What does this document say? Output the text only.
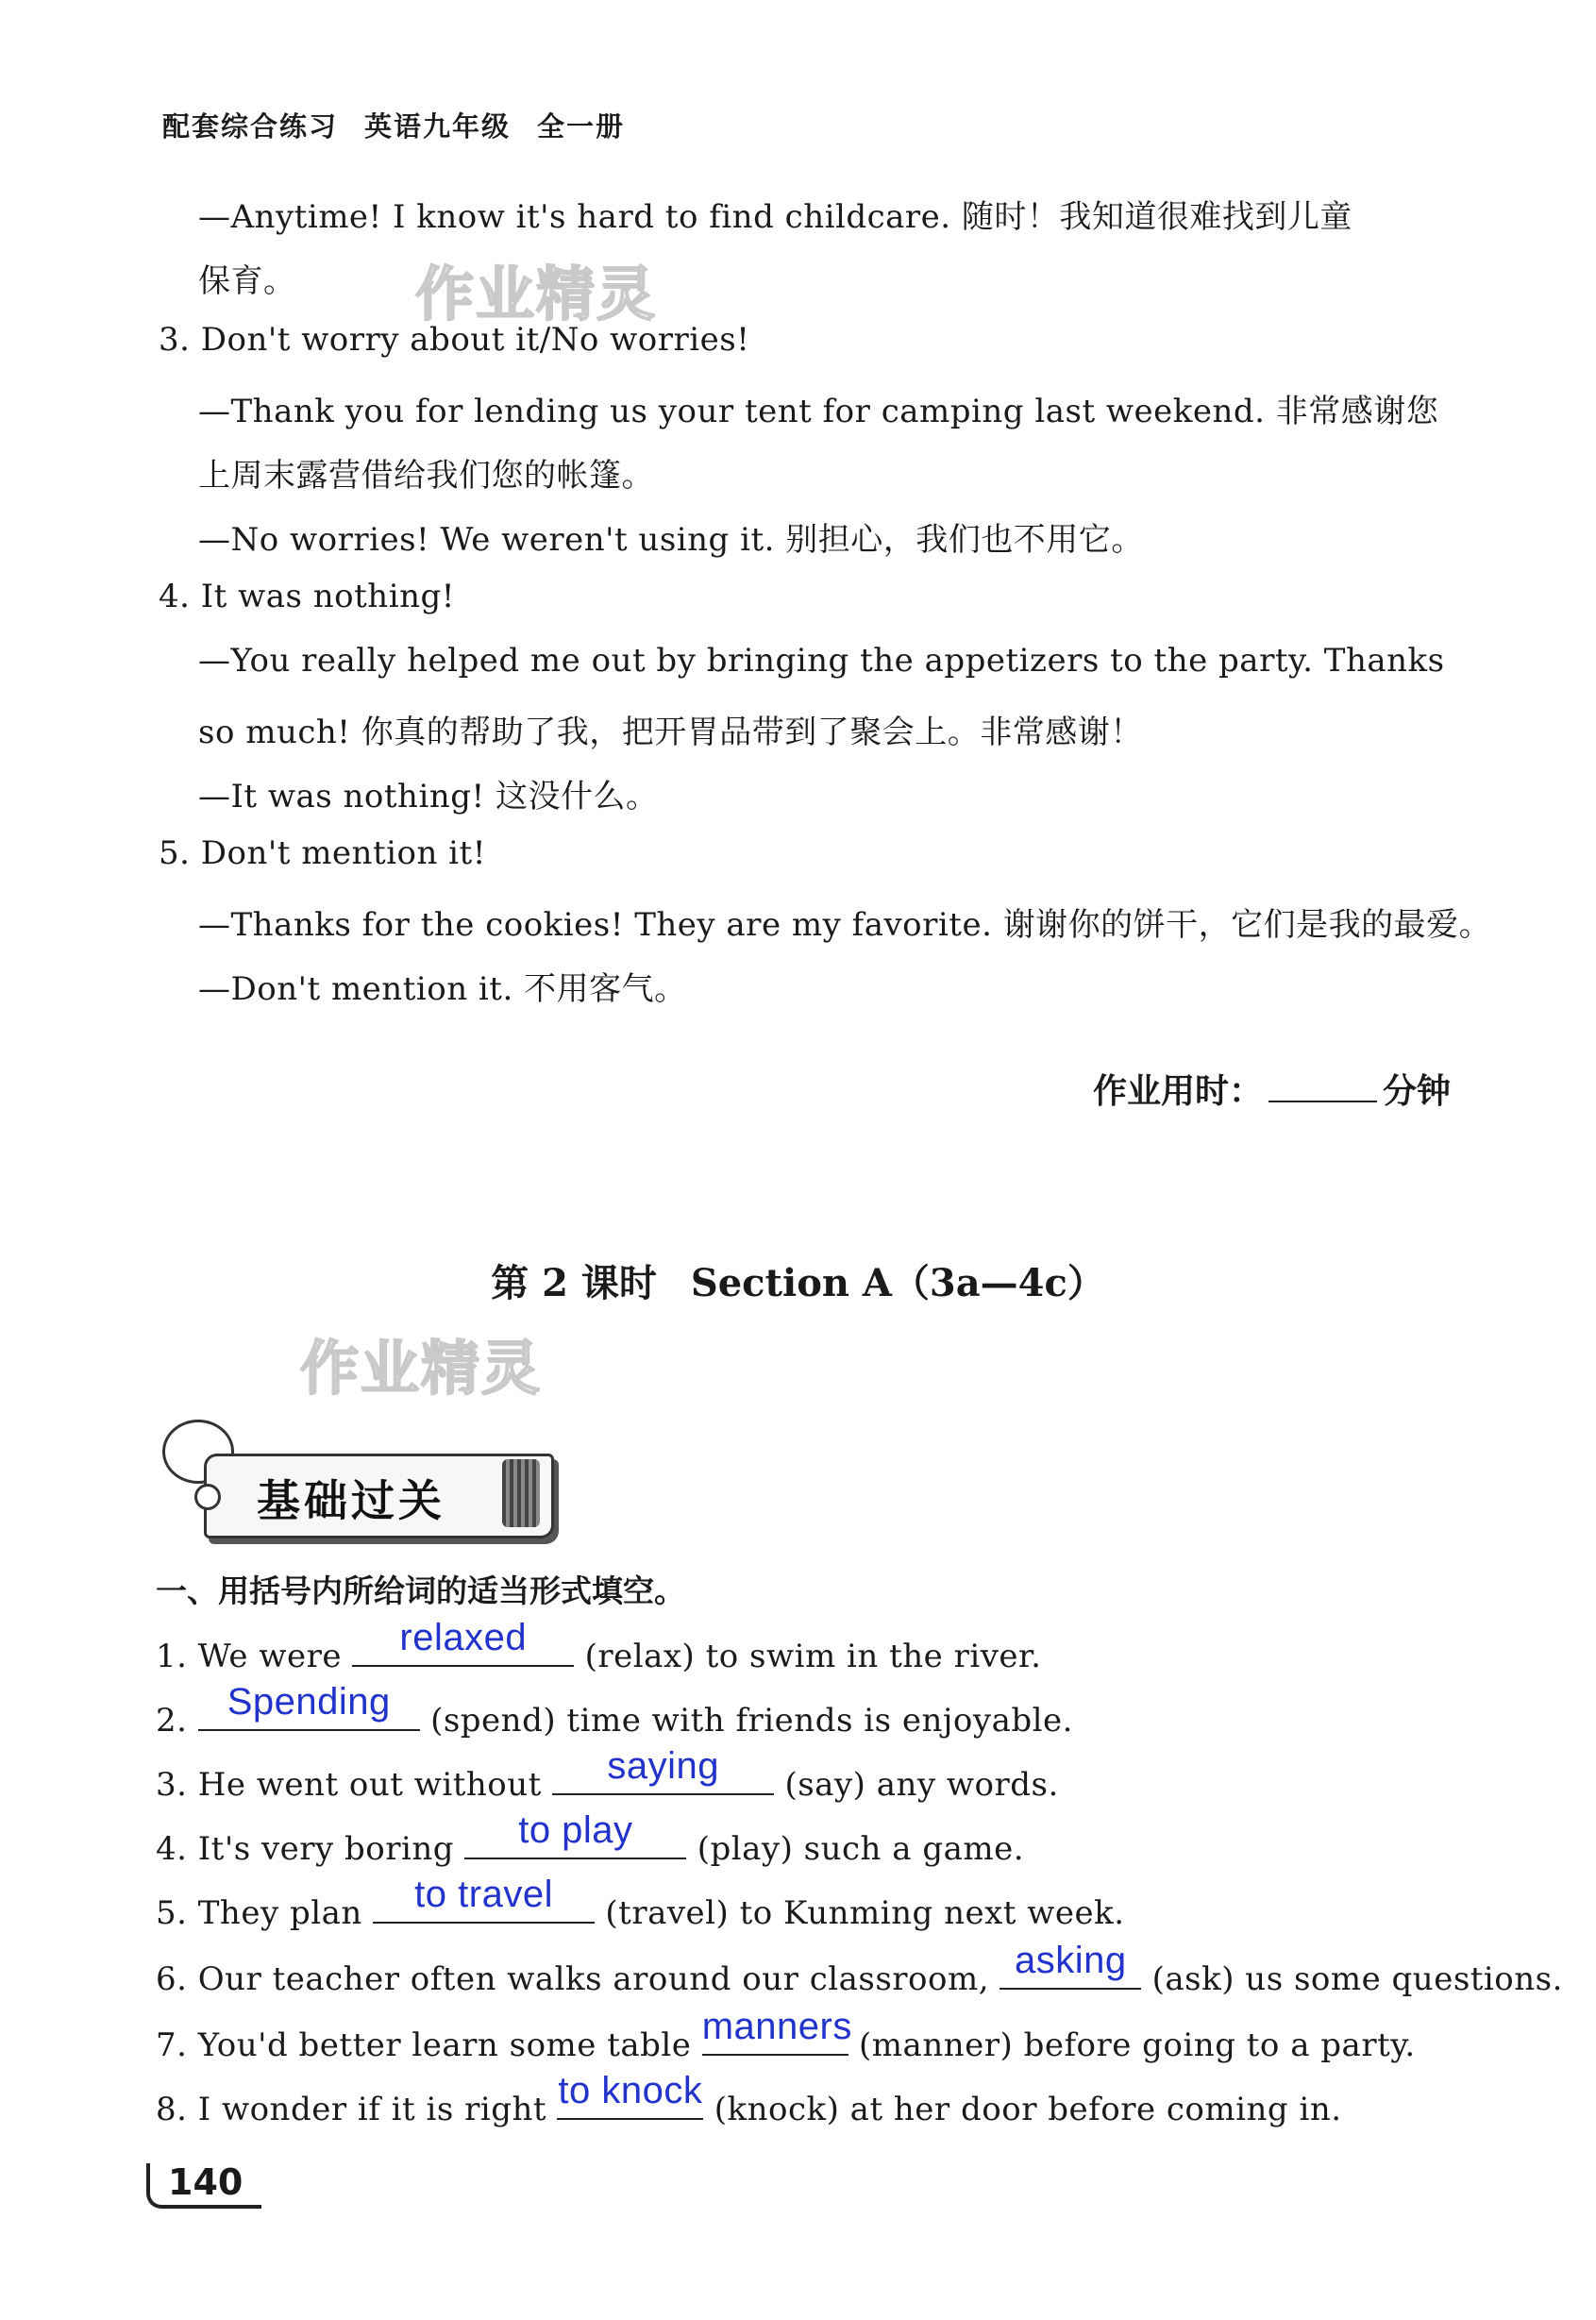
配套综合练习 英语九年级 全一册
—Anytime! I know it's hard to find childcare. 随时！我知道很难找到儿童
保育。 作业精灵
3. Don't worry about it/No worries!
—Thank you for lending us your tent for camping last weekend. 非常感谢您
上周末露营借给我们您的帐篷。
—No worries! We weren't using it. 别担心，我们也不用它。
4. It was nothing!
—You really helped me out by bringing the appetizers to the party. Thanks
so much! 你真的帮助了我，把开胃品带到了聚会上。非常感谢！
—It was nothing! 这没什么。
5. Don't mention it!
—Thanks for the cookies! They are my favorite. 谢谢你的饼干，它们是我的最爱。
—Don't mention it. 不用客气。
作业用时：	分钟
第 2 课时 Section A（3a—4c）
作业精灵
基础过关
一、用括号内所给词的适当形式填空。
1. We were	relaxed	(relax) to swim in the river.
2.	Spending	(spend) time with friends is enjoyable.
3. He went out without	saying	(say) any words.
4. It's very boring	to play	(play) such a game.
5. They plan	to travel	(travel) to Kunming next week.
6. Our teacher often walks around our classroom, asking (ask) us some questions.
7. You'd better learn some table manners (manner) before going to a party.
8. I wonder if it is right to knock (knock) at her door before coming in.
140
